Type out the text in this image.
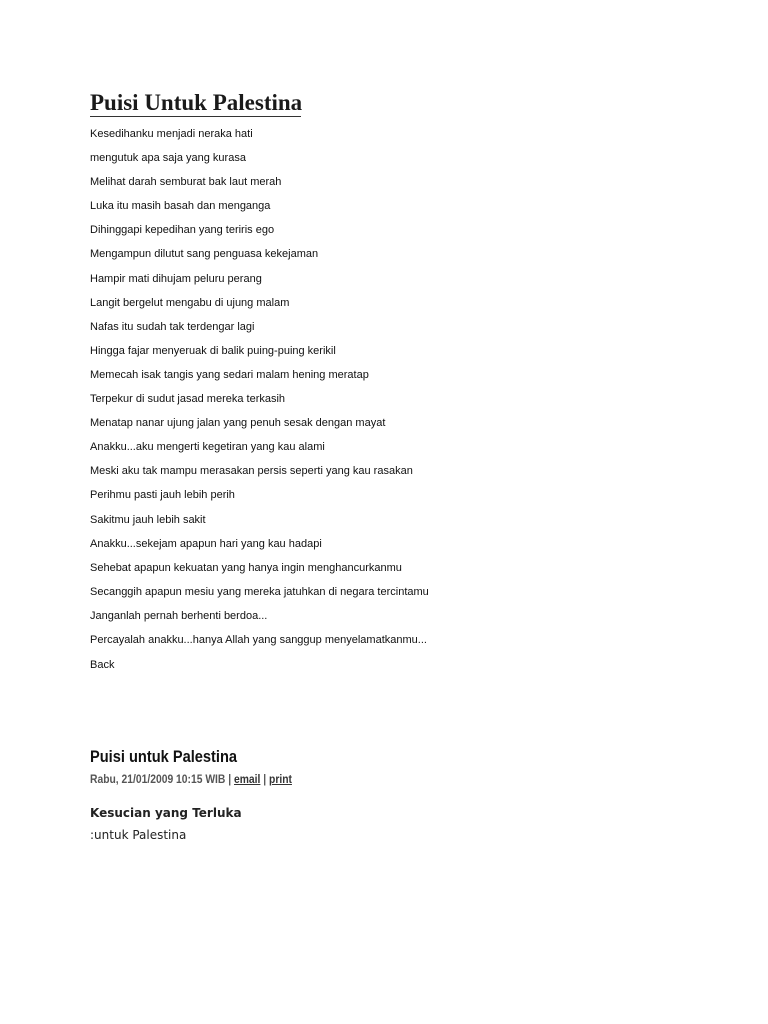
Puisi Untuk Palestina
Kesedihanku menjadi neraka hati
mengutuk apa saja yang kurasa
Melihat darah semburat bak laut merah
Luka itu masih basah dan menganga
Dihinggapi kepedihan yang teriris ego
Mengampun dilutut sang penguasa kekejaman
Hampir mati dihujam peluru perang
Langit bergelut mengabu di ujung malam
Nafas itu sudah tak terdengar lagi
Hingga fajar menyeruak di balik puing-puing kerikil
Memecah isak tangis yang sedari malam hening meratap
Terpekur di sudut jasad mereka terkasih
Menatap nanar ujung jalan yang penuh sesak dengan mayat
Anakku...aku mengerti kegetiran yang kau alami
Meski aku tak mampu merasakan persis seperti yang kau rasakan
Perihmu pasti jauh lebih perih
Sakitmu jauh lebih sakit
Anakku...sekejam apapun hari yang kau hadapi
Sehebat apapun kekuatan yang hanya ingin menghancurkanmu
Secanggih apapun mesiu yang mereka jatuhkan di negara tercintamu
Janganlah pernah berhenti berdoa...
Percayalah anakku...hanya Allah yang sanggup menyelamatkanmu...
Back
Puisi untuk Palestina
Rabu, 21/01/2009 10:15 WIB | email | print
Kesucian yang Terluka
:untuk Palestina
